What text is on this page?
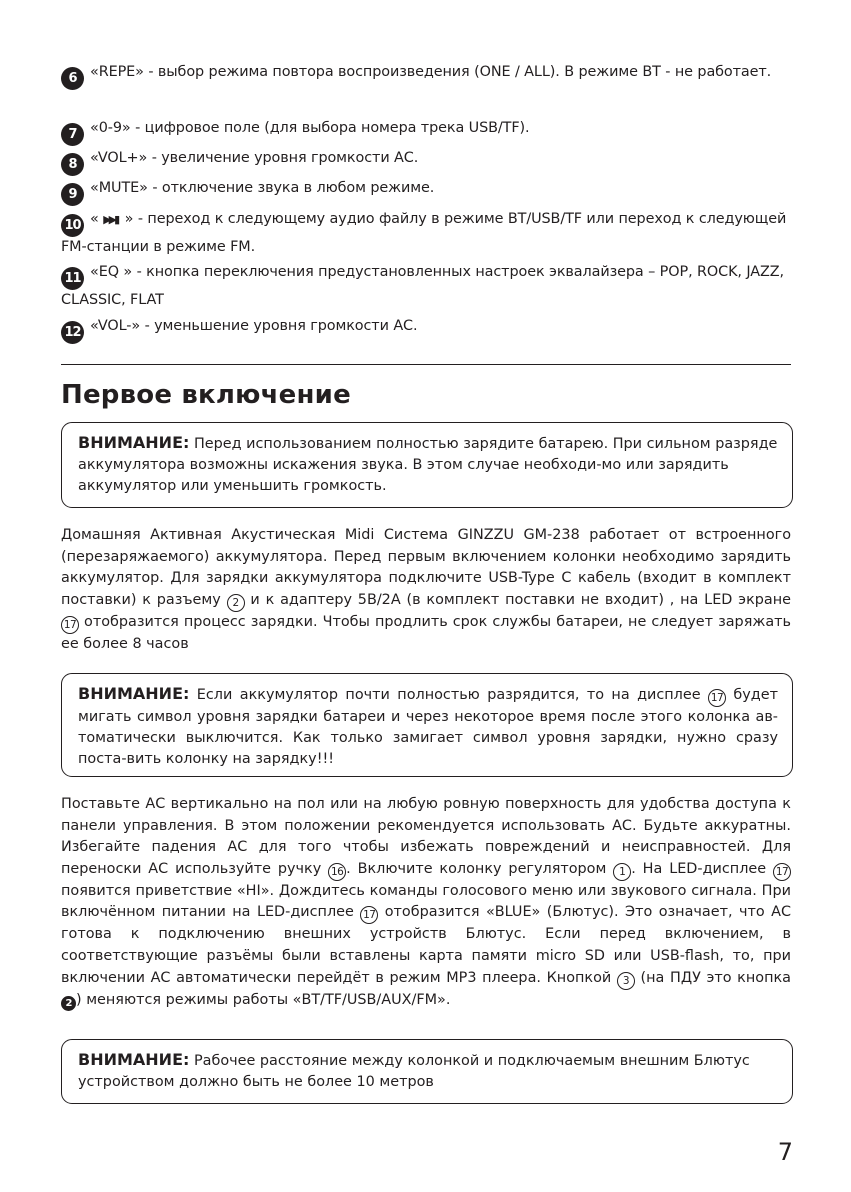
6 «REPE» - выбор режима повтора воспроизведения (ONE / ALL). В режиме BT - не работает.

7 «0-9» - цифровое поле (для выбора номера трека USB/TF).

8 «VOL+» - увеличение уровня громкости АС.

9 «MUTE» - отключение звука в любом режиме.

10 « ▶▶▮ » - переход к следующему аудио файлу в режиме BT/USB/TF или переход к следующей FM-станции в режиме FM.

11 «EQ » - кнопка переключения предустановленных настроек эквалайзера – POP, ROCK, JAZZ, CLASSIC, FLAT

12 «VOL-» - уменьшение уровня громкости АС.

Первое включение
ВНИМАНИЕ: Перед использованием полностью зарядите батарею. При сильном разряде аккумулятора возможны искажения звука. В этом случае необходи-мо или зарядить аккумулятор или уменьшить громкость.

Домашняя Активная Акустическая Midi Система GINZZU GM-238 работает от встроенного (перезаряжаемого) аккумулятора. Перед первым включением колонки необходимо зарядить аккумулятор. Для зарядки аккумулятора подключите USB-Type C кабель (входит в комплект поставки) к разъему 2 и к адаптеру 5В/2А (в комплект поставки не входит) , на LED экране 17 отобразится процесс зарядки. Чтобы продлить срок службы батареи, не следует заряжать ее более 8 часов

ВНИМАНИЕ: Если аккумулятор почти полностью разрядится, то на дисплее 17 будет мигать символ уровня зарядки батареи и через некоторое время после этого колонка ав-томатически выключится. Как только замигает символ уровня зарядки, нужно сразу поста-вить колонку на зарядку!!!

Поставьте АС вертикально на пол или на любую ровную поверхность для удобства доступа к панели управления. В этом положении рекомендуется использовать АС. Будьте аккуратны. Избегайте падения АС для того чтобы избежать повреждений и неисправностей. Для переноски АС используйте ручку 16 . Включите колонку регулятором 1 . На LED-дисплее 17 появится приветствие «HI». Дождитесь команды голосового меню или звукового сигнала. При включённом питании на LED-дисплее 17 отобразится «BLUE» (Блютус). Это означает, что АС готова к подключению внешних устройств Блютус. Если перед включением, в соответствующие разъёмы были вставлены карта памяти micro SD или USB-flash, то, при включении АС автоматически перейдёт в режим MP3 плеера. Кнопкой 3 (на ПДУ это кнопка 2 ) меняются режимы работы «BT/TF/USB/AUX/FM».

ВНИМАНИЕ: Рабочее расстояние между колонкой и подключаемым внешним Блютус устройством должно быть не более 10 метров
7
